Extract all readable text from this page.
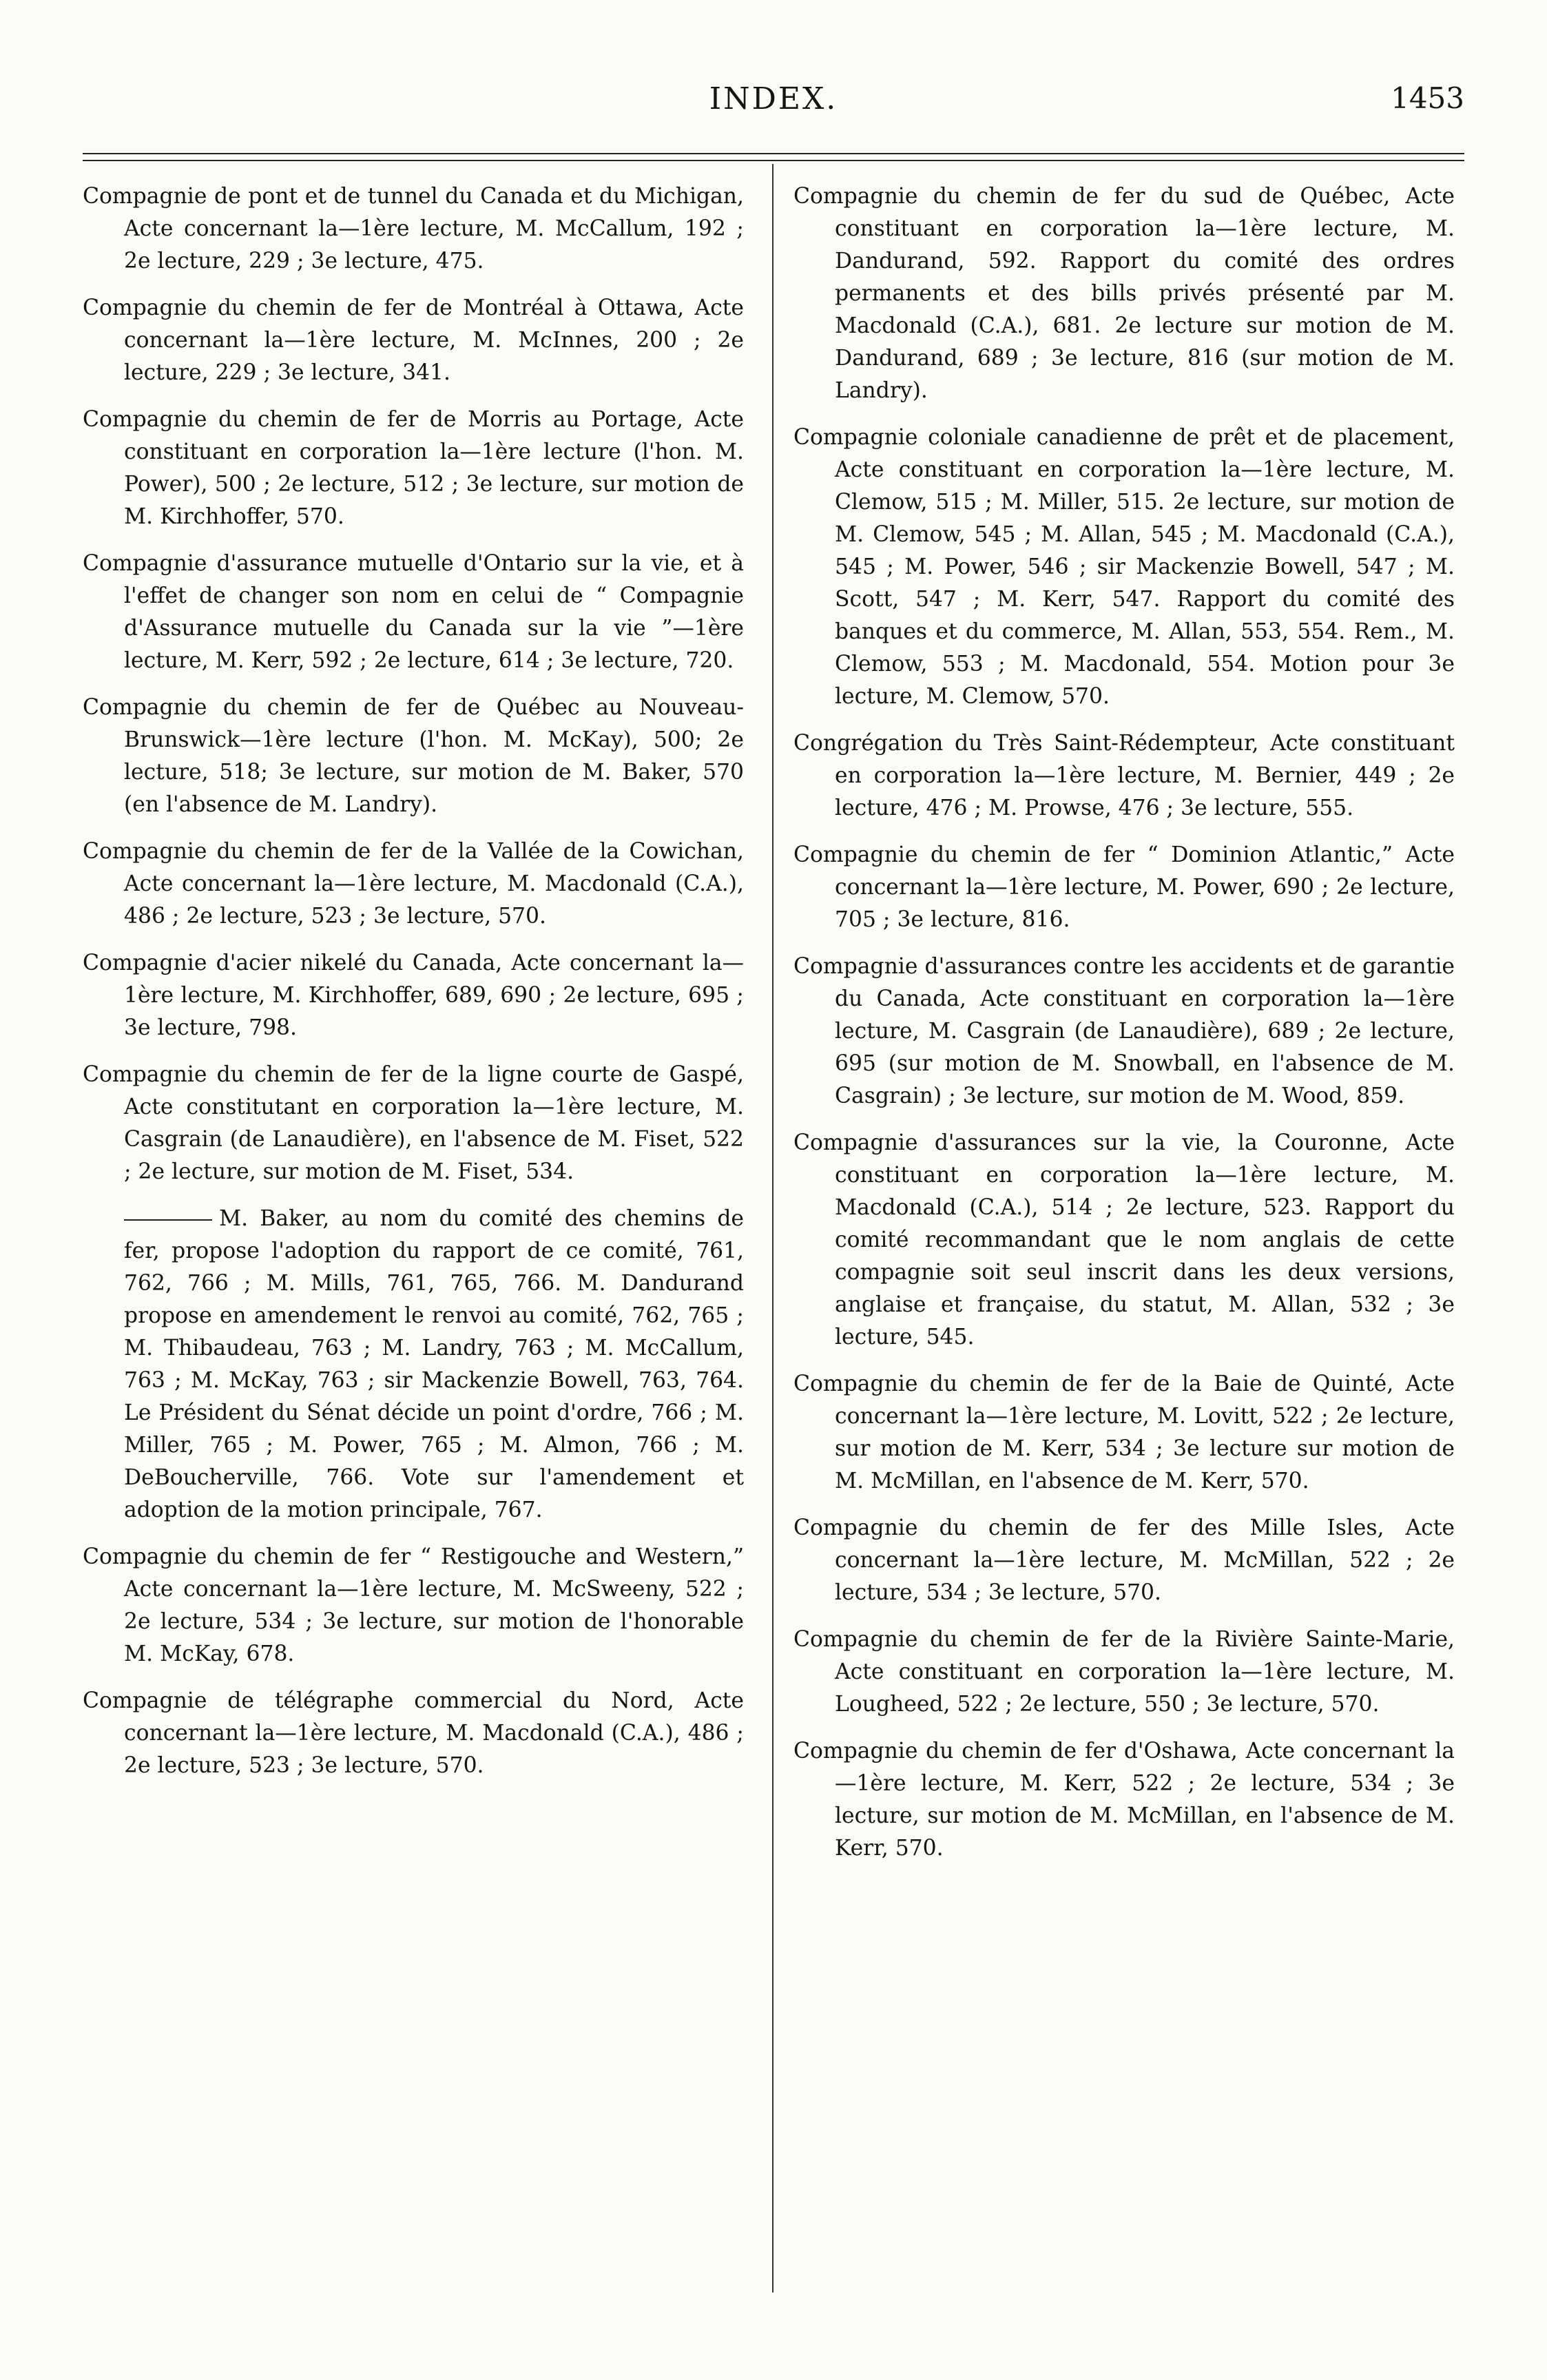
INDEX.	1453

Compagnie de pont et de tunnel du Canada et du Michigan, Acte concernant la—1ère lecture, M. McCallum, 192 ; 2e lecture, 229 ; 3e lecture, 475.

Compagnie du chemin de fer de Montréal à Ottawa, Acte concernant la—1ère lecture, M. McInnes, 200 ; 2e lecture, 229 ; 3e lecture, 341.

Compagnie du chemin de fer de Morris au Portage, Acte constituant en corporation la—1ère lecture (l'hon. M. Power), 500 ; 2e lecture, 512 ; 3e lecture, sur motion de M. Kirchhoffer, 570.

Compagnie d'assurance mutuelle d'Ontario sur la vie, et à l'effet de changer son nom en celui de “ Compagnie d'Assurance mutuelle du Canada sur la vie ”—1ère lecture, M. Kerr, 592 ; 2e lecture, 614 ; 3e lecture, 720.

Compagnie du chemin de fer de Québec au Nouveau-Brunswick—1ère lecture (l'hon. M. McKay), 500; 2e lecture, 518; 3e lecture, sur motion de M. Baker, 570 (en l'absence de M. Landry).

Compagnie du chemin de fer de la Vallée de la Cowichan, Acte concernant la—1ère lecture, M. Macdonald (C.A.), 486 ; 2e lecture, 523 ; 3e lecture, 570.

Compagnie d'acier nikelé du Canada, Acte concernant la—1ère lecture, M. Kirchhoffer, 689, 690 ; 2e lecture, 695 ; 3e lecture, 798.

Compagnie du chemin de fer de la ligne courte de Gaspé, Acte constitutant en corporation la—1ère lecture, M. Casgrain (de Lanaudière), en l'absence de M. Fiset, 522 ; 2e lecture, sur motion de M. Fiset, 534.

M. Baker, au nom du comité des chemins de fer, propose l'adoption du rapport de ce comité, 761, 762, 766 ; M. Mills, 761, 765, 766. M. Dandurand propose en amendement le renvoi au comité, 762, 765 ; M. Thibaudeau, 763 ; M. Landry, 763 ; M. McCallum, 763 ; M. McKay, 763 ; sir Mackenzie Bowell, 763, 764. Le Président du Sénat décide un point d'ordre, 766 ; M. Miller, 765 ; M. Power, 765 ; M. Almon, 766 ; M. DeBoucherville, 766. Vote sur l'amendement et adoption de la motion principale, 767.

Compagnie du chemin de fer “ Restigouche and Western,” Acte concernant la—1ère lecture, M. McSweeny, 522 ; 2e lecture, 534 ; 3e lecture, sur motion de l'honorable M. McKay, 678.

Compagnie de télégraphe commercial du Nord, Acte concernant la—1ère lecture, M. Macdonald (C.A.), 486 ; 2e lecture, 523 ; 3e lecture, 570.

Compagnie du chemin de fer du sud de Québec, Acte constituant en corporation la—1ère lecture, M. Dandurand, 592. Rapport du comité des ordres permanents et des bills privés présenté par M. Macdonald (C.A.), 681. 2e lecture sur motion de M. Dandurand, 689 ; 3e lecture, 816 (sur motion de M. Landry).

Compagnie coloniale canadienne de prêt et de placement, Acte constituant en corporation la—1ère lecture, M. Clemow, 515 ; M. Miller, 515. 2e lecture, sur motion de M. Clemow, 545 ; M. Allan, 545 ; M. Macdonald (C.A.), 545 ; M. Power, 546 ; sir Mackenzie Bowell, 547 ; M. Scott, 547 ; M. Kerr, 547. Rapport du comité des banques et du commerce, M. Allan, 553, 554. Rem., M. Clemow, 553 ; M. Macdonald, 554. Motion pour 3e lecture, M. Clemow, 570.

Congrégation du Très Saint-Rédempteur, Acte constituant en corporation la—1ère lecture, M. Bernier, 449 ; 2e lecture, 476 ; M. Prowse, 476 ; 3e lecture, 555.

Compagnie du chemin de fer “ Dominion Atlantic,” Acte concernant la—1ère lecture, M. Power, 690 ; 2e lecture, 705 ; 3e lecture, 816.

Compagnie d'assurances contre les accidents et de garantie du Canada, Acte constituant en corporation la—1ère lecture, M. Casgrain (de Lanaudière), 689 ; 2e lecture, 695 (sur motion de M. Snowball, en l'absence de M. Casgrain) ; 3e lecture, sur motion de M. Wood, 859.

Compagnie d'assurances sur la vie, la Couronne, Acte constituant en corporation la—1ère lecture, M. Macdonald (C.A.), 514 ; 2e lecture, 523. Rapport du comité recommandant que le nom anglais de cette compagnie soit seul inscrit dans les deux versions, anglaise et française, du statut, M. Allan, 532 ; 3e lecture, 545.

Compagnie du chemin de fer de la Baie de Quinté, Acte concernant la—1ère lecture, M. Lovitt, 522 ; 2e lecture, sur motion de M. Kerr, 534 ; 3e lecture sur motion de M. McMillan, en l'absence de M. Kerr, 570.

Compagnie du chemin de fer des Mille Isles, Acte concernant la—1ère lecture, M. McMillan, 522 ; 2e lecture, 534 ; 3e lecture, 570.

Compagnie du chemin de fer de la Rivière Sainte-Marie, Acte constituant en corporation la—1ère lecture, M. Lougheed, 522 ; 2e lecture, 550 ; 3e lecture, 570.

Compagnie du chemin de fer d'Oshawa, Acte concernant la—1ère lecture, M. Kerr, 522 ; 2e lecture, 534 ; 3e lecture, sur motion de M. McMillan, en l'absence de M. Kerr, 570.
